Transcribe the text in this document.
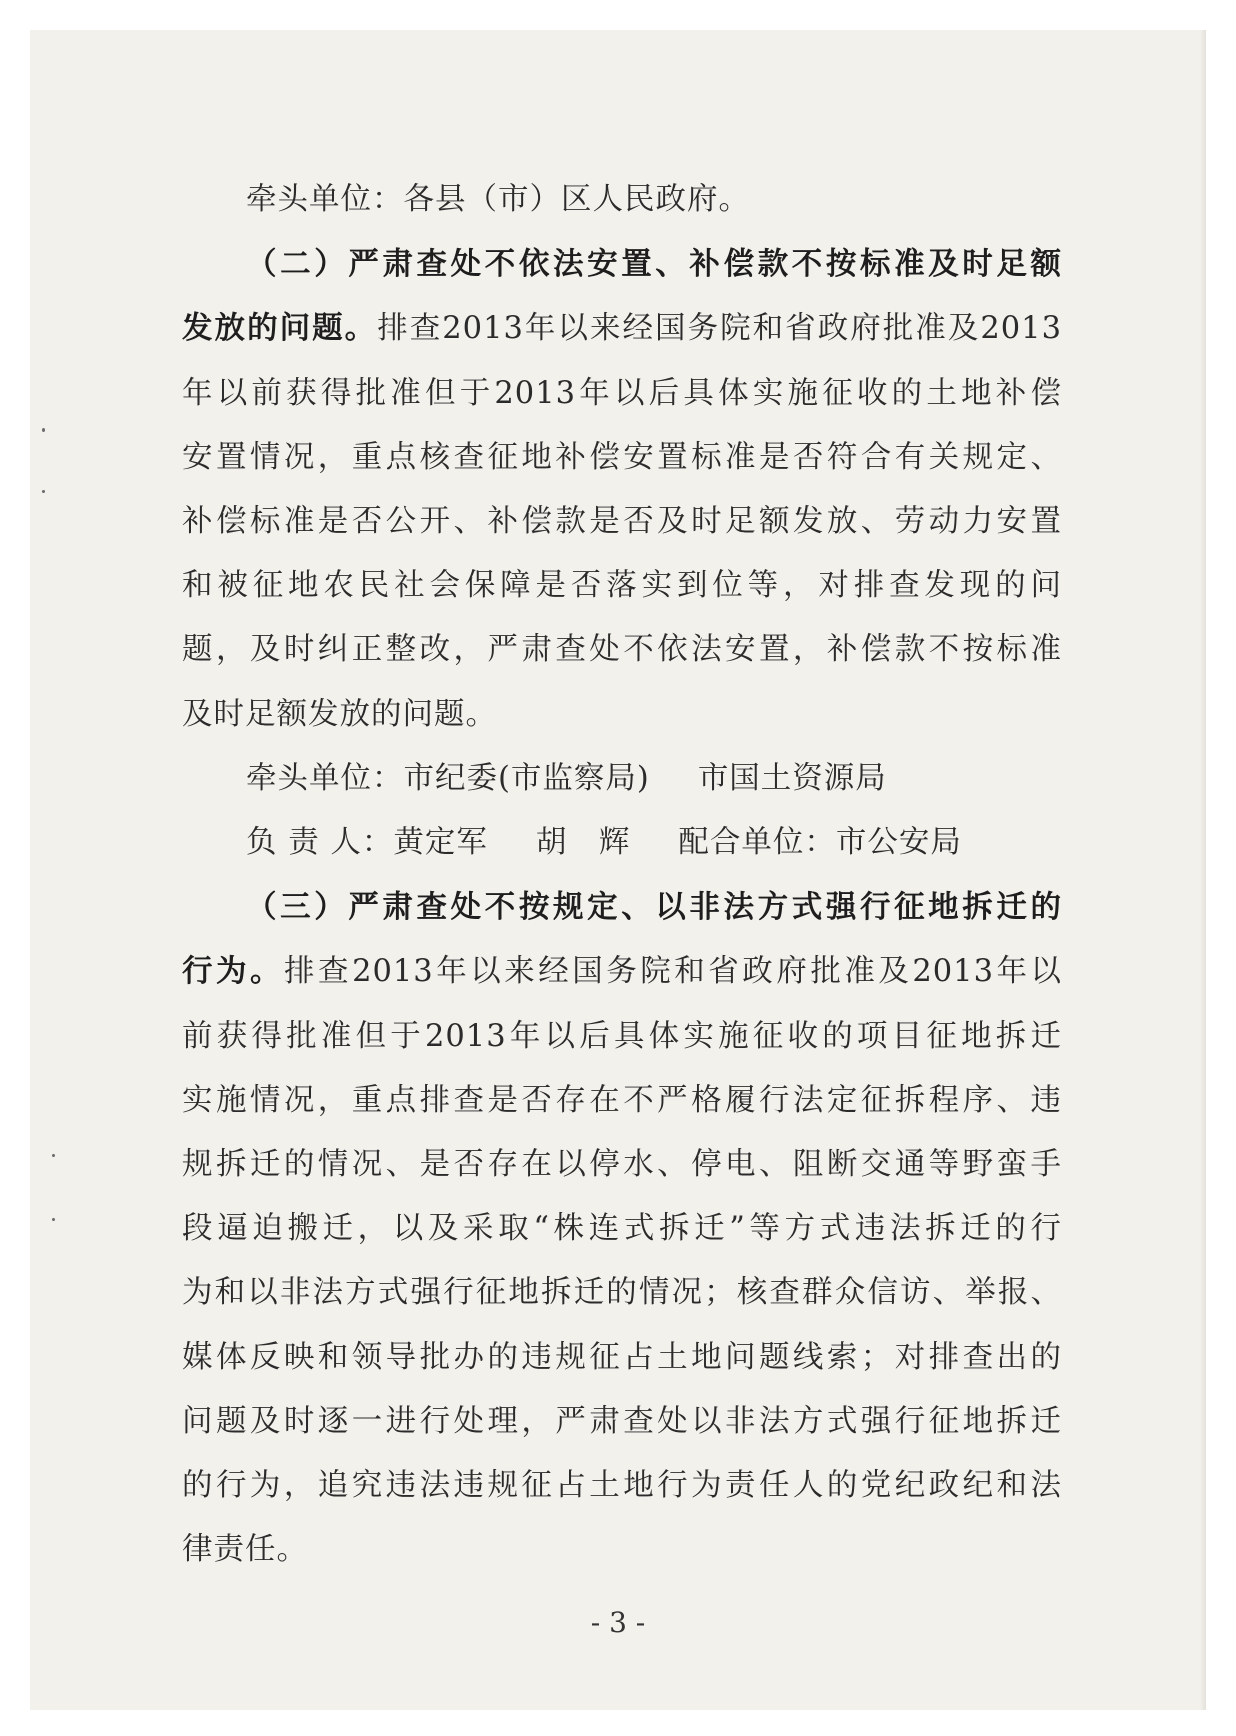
牵头单位：各县（市）区人民政府。
（二）严肃查处不依法安置、补偿款不按标准及时足额
发放的问题。排查2013年以来经国务院和省政府批准及2013
年以前获得批准但于2013年以后具体实施征收的土地补偿
安置情况，重点核查征地补偿安置标准是否符合有关规定、
补偿标准是否公开、补偿款是否及时足额发放、劳动力安置
和被征地农民社会保障是否落实到位等，对排查发现的问
题，及时纠正整改，严肃查处不依法安置，补偿款不按标准
及时足额发放的问题。
牵头单位：市纪委(市监察局) 市国土资源局
负 责 人：黄定军 胡　辉 配合单位：市公安局
（三）严肃查处不按规定、以非法方式强行征地拆迁的
行为。排查2013年以来经国务院和省政府批准及2013年以
前获得批准但于2013年以后具体实施征收的项目征地拆迁
实施情况，重点排查是否存在不严格履行法定征拆程序、违
规拆迁的情况、是否存在以停水、停电、阻断交通等野蛮手
段逼迫搬迁，以及采取“株连式拆迁”等方式违法拆迁的行
为和以非法方式强行征地拆迁的情况；核查群众信访、举报、
媒体反映和领导批办的违规征占土地问题线索；对排查出的
问题及时逐一进行处理，严肃查处以非法方式强行征地拆迁
的行为，追究违法违规征占土地行为责任人的党纪政纪和法
律责任。
- 3 -
